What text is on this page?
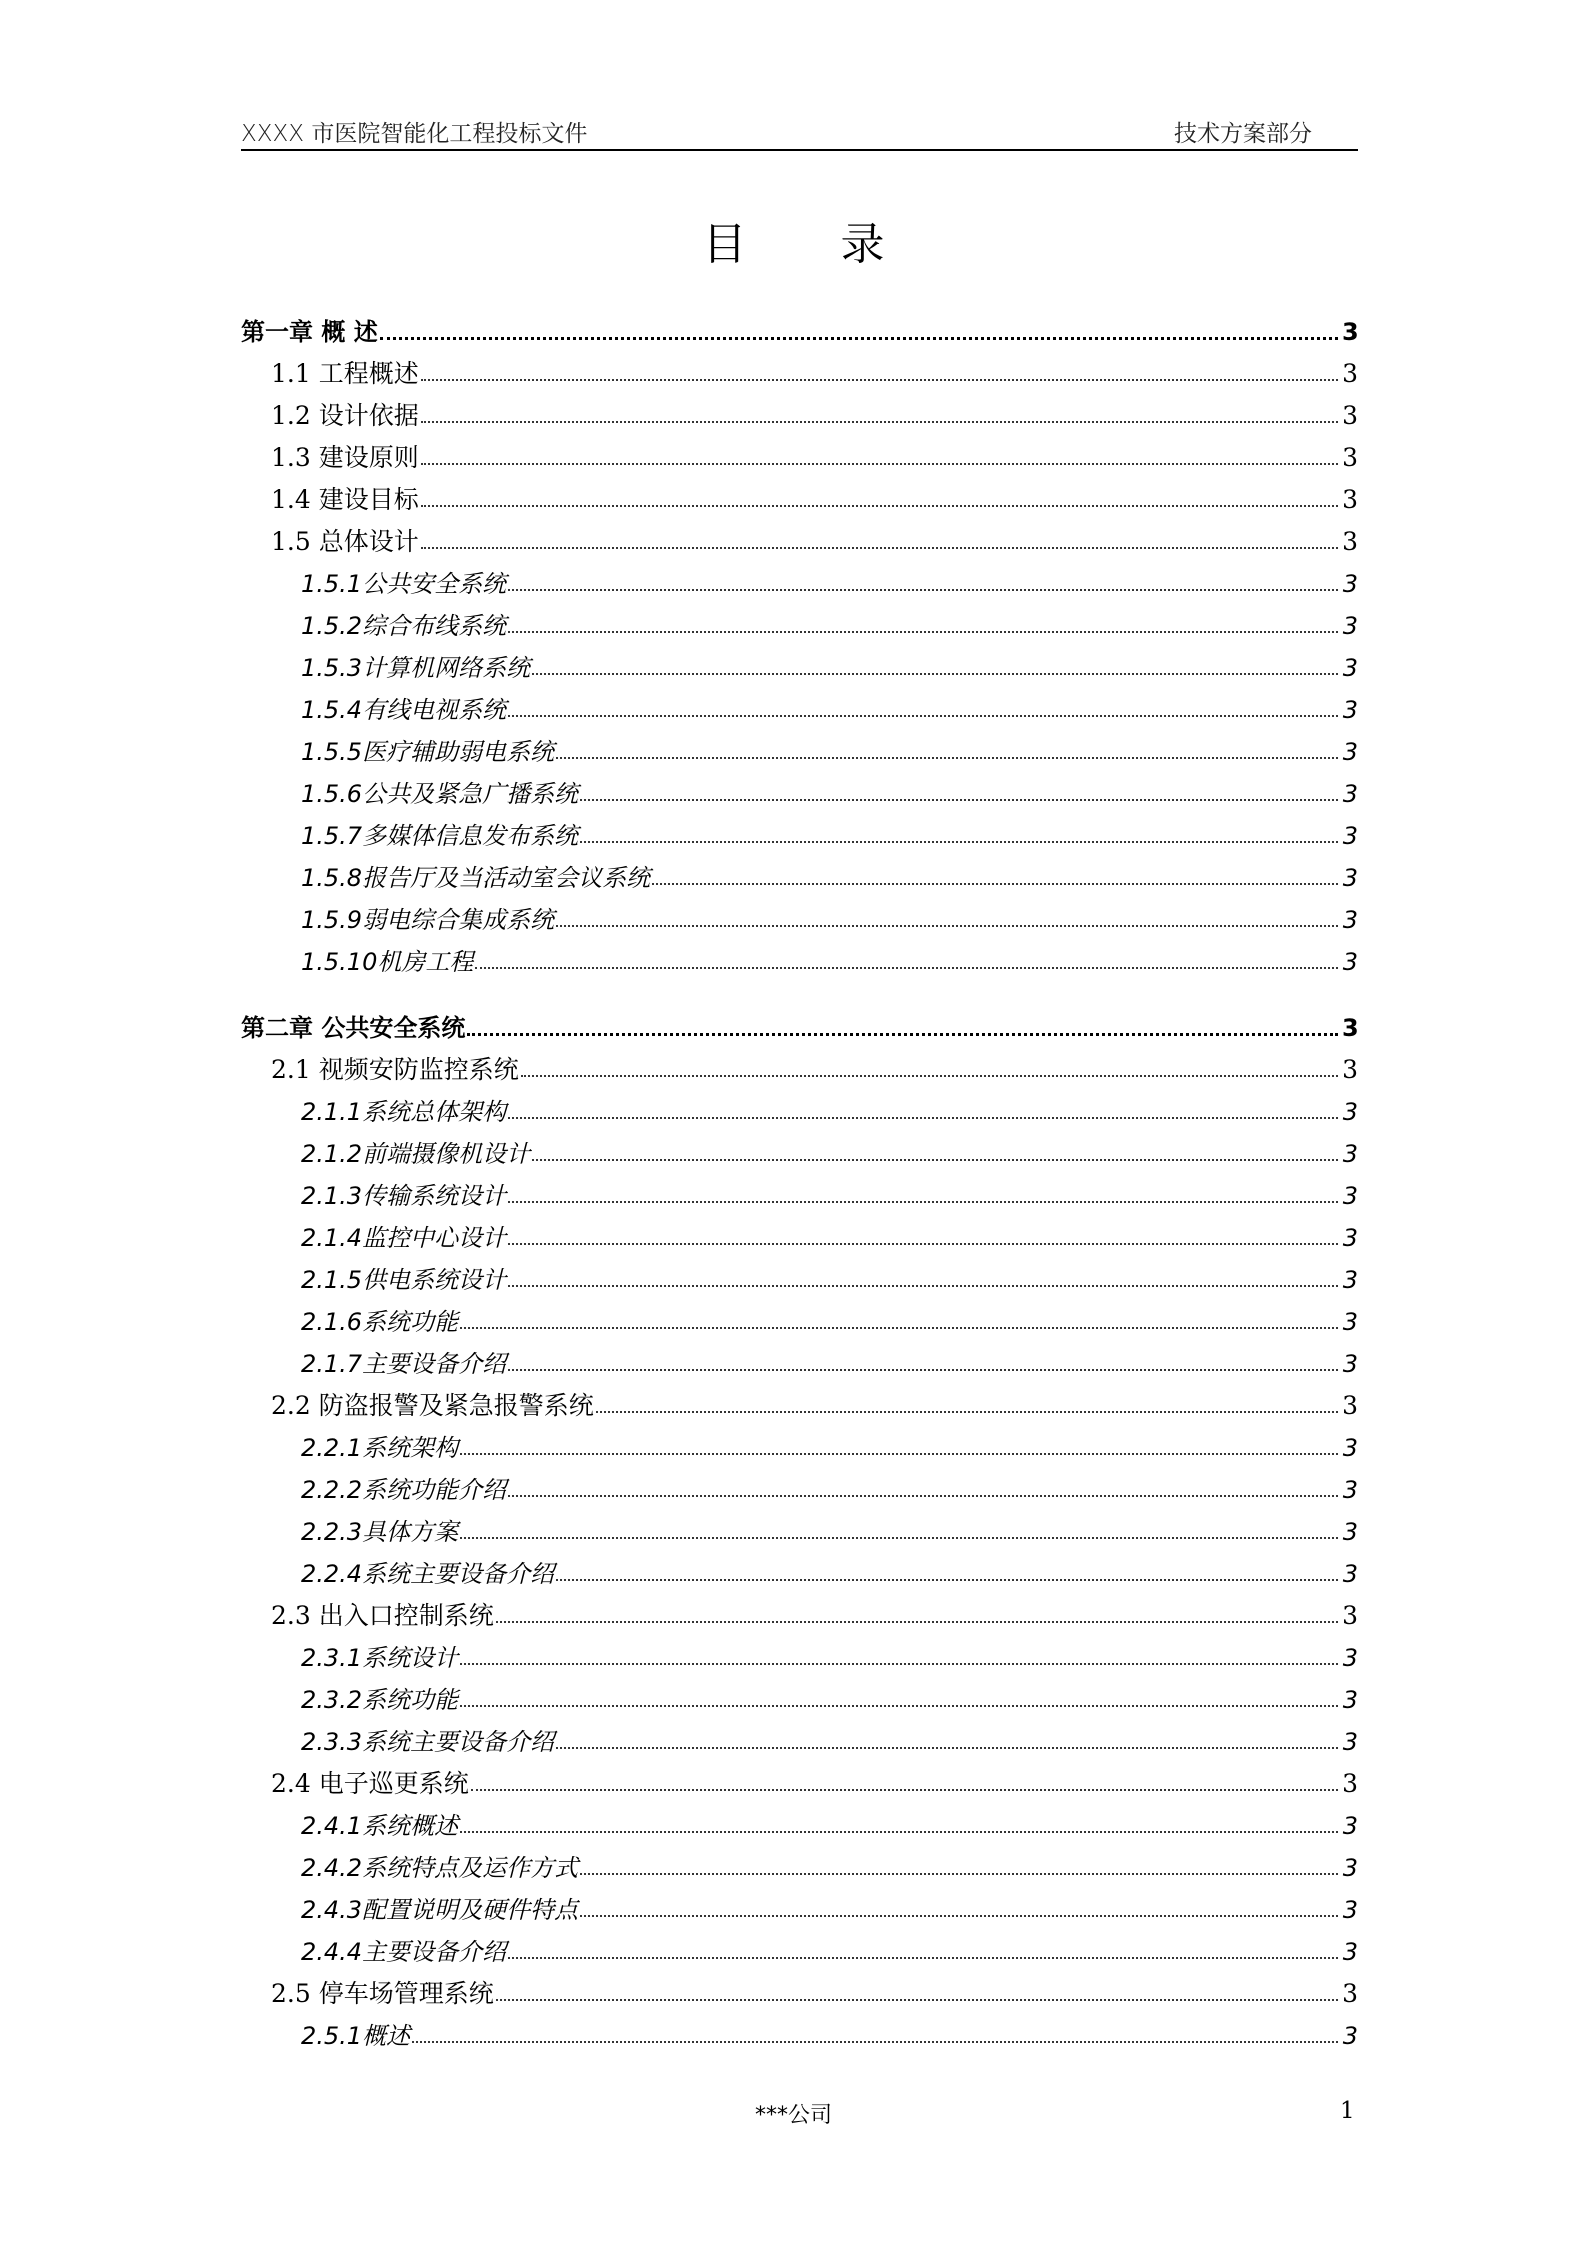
XXXX 市医院智能化工程投标文件	技术方案部分
目 录
第一章 概 述	3
1.1 工程概述	3
1.2 设计依据	3
1.3 建设原则	3
1.4 建设目标	3
1.5 总体设计	3
1.5.1公共安全系统	3
1.5.2综合布线系统	3
1.5.3计算机网络系统	3
1.5.4有线电视系统	3
1.5.5医疗辅助弱电系统	3
1.5.6公共及紧急广播系统	3
1.5.7多媒体信息发布系统	3
1.5.8报告厅及当活动室会议系统	3
1.5.9弱电综合集成系统	3
1.5.10机房工程	3
第二章 公共安全系统	3
2.1 视频安防监控系统	3
2.1.1系统总体架构	3
2.1.2前端摄像机设计	3
2.1.3传输系统设计	3
2.1.4监控中心设计	3
2.1.5供电系统设计	3
2.1.6系统功能	3
2.1.7主要设备介绍	3
2.2 防盗报警及紧急报警系统	3
2.2.1系统架构	3
2.2.2系统功能介绍	3
2.2.3具体方案	3
2.2.4系统主要设备介绍	3
2.3 出入口控制系统	3
2.3.1系统设计	3
2.3.2系统功能	3
2.3.3系统主要设备介绍	3
2.4 电子巡更系统	3
2.4.1系统概述	3
2.4.2系统特点及运作方式	3
2.4.3配置说明及硬件特点	3
2.4.4主要设备介绍	3
2.5 停车场管理系统	3
2.5.1概述	3
***公司	1
